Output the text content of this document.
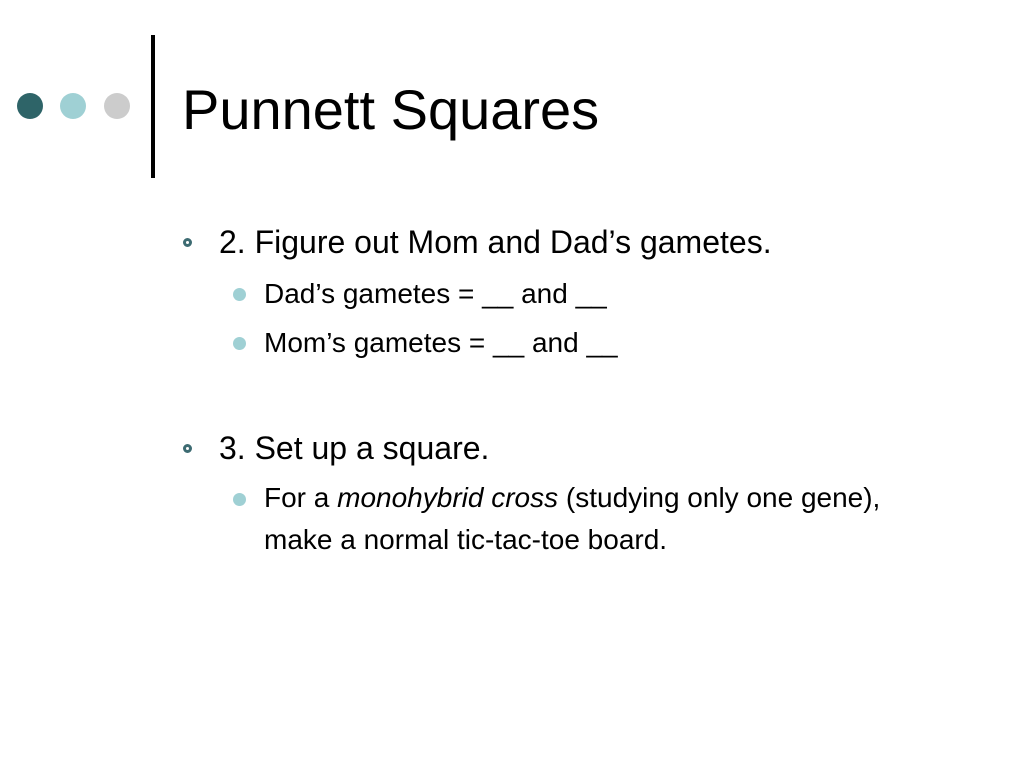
Punnett Squares
2. Figure out Mom and Dad’s gametes.
Dad’s gametes = __ and __
Mom’s gametes = __ and __
3. Set up a square.
For a monohybrid cross (studying only one gene), make a normal tic-tac-toe board.
